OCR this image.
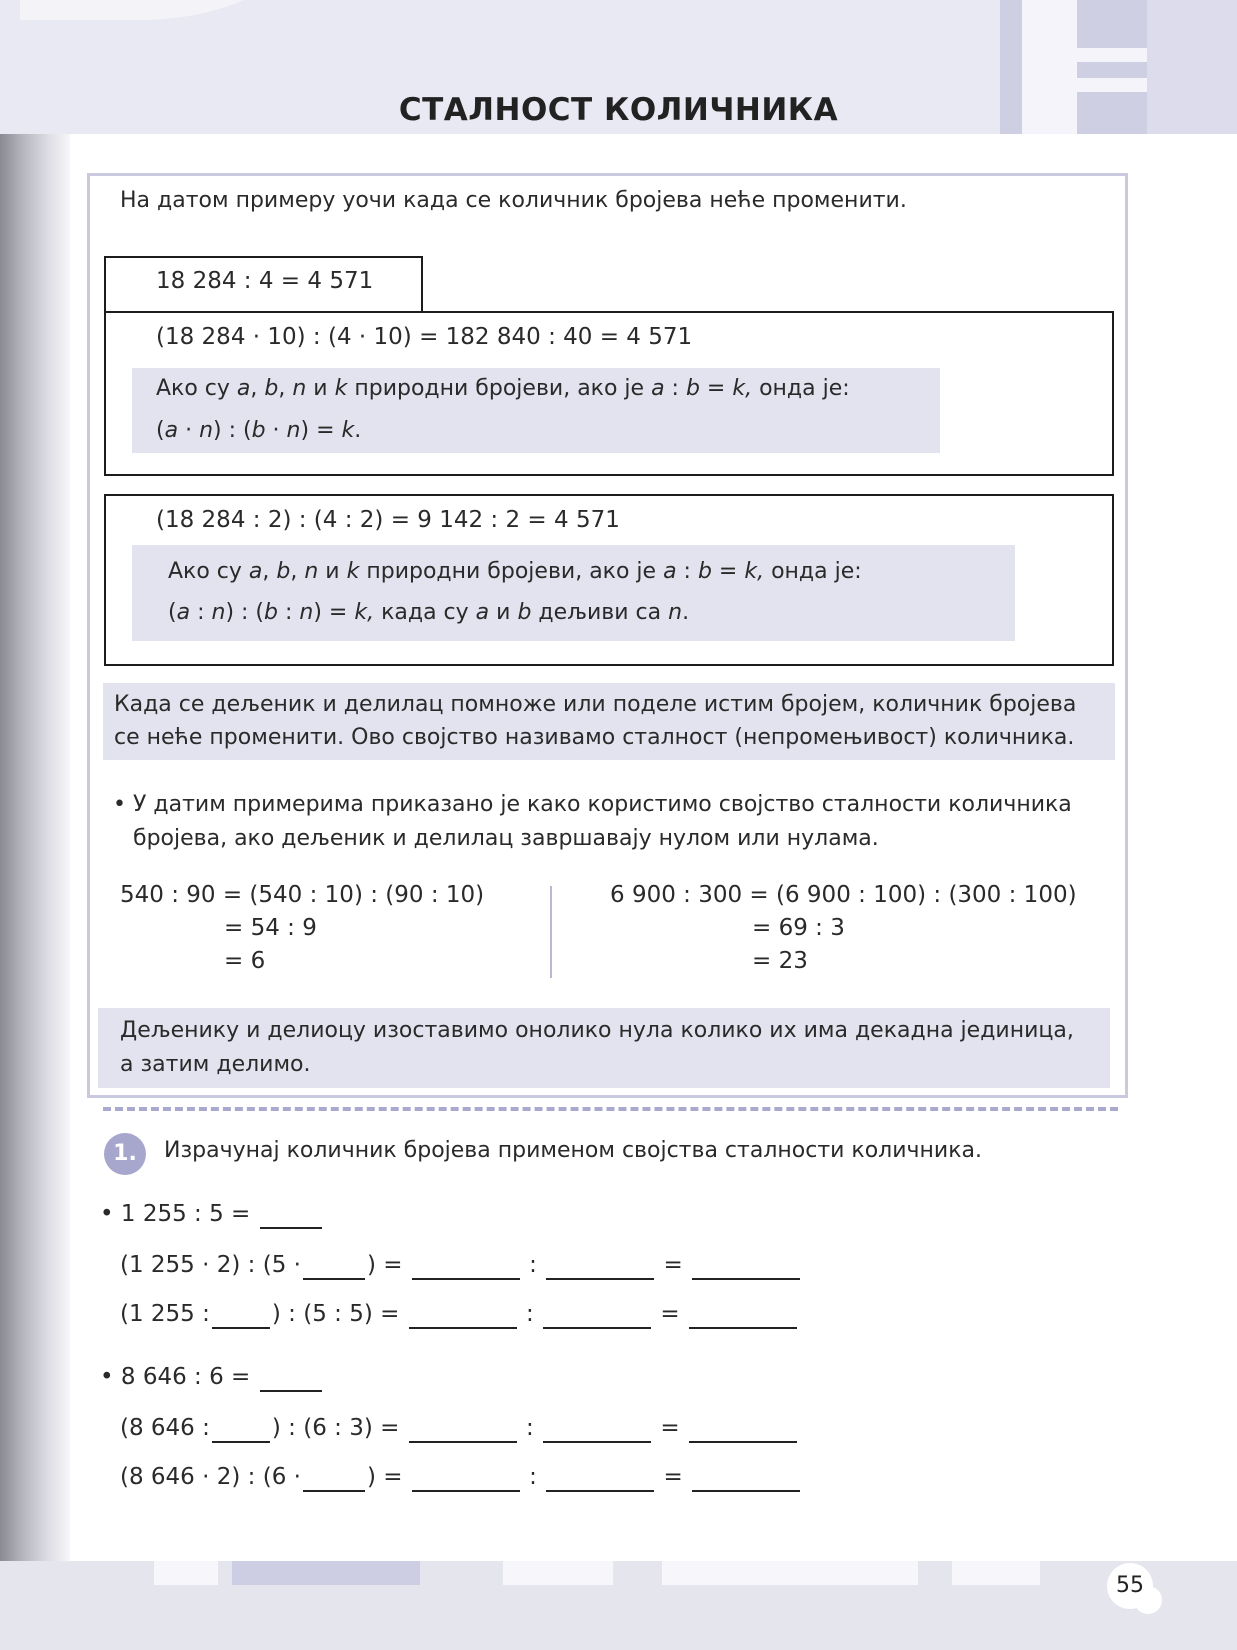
СТАЛНОСТ КОЛИЧНИКА
На датом примеру уочи када се количник бројева неће променити.
18 284 : 4 = 4 571
(18 284 · 10) : (4 · 10) = 182 840 : 40 = 4 571
Ако су a, b, n и k природни бројеви, ако је a : b = k, онда је:
(a · n) : (b · n) = k.
(18 284 : 2) : (4 : 2) = 9 142 : 2 = 4 571
Ако су a, b, n и k природни бројеви, ако је a : b = k, онда је:
(a : n) : (b : n) = k, када су a и b дељиви са n.
Када се дељеник и делилац помноже или поделе истим бројем, количник бројева
се неће променити. Ово својство називамо сталност (непромењивост) количника.
• У датим примерима приказано је како користимо својство сталности количника
бројева, ако дељеник и делилац завршавају нулом или нулама.
540 : 90 = (540 : 10) : (90 : 10)
= 54 : 9
= 6
6 900 : 300 = (6 900 : 100) : (300 : 100)
= 69 : 3
= 23
Дељенику и делиоцу изоставимо онолико нула колико их има декадна јединица,
а затим делимо.
1.	Израчунај количник бројева применом својства сталности количника.
• 1 255 : 5 =
(1 255 · 2) : (5 ·	) =	:	=
(1 255 :	) : (5 : 5) =	:	=
• 8 646 : 6 =
(8 646 :	) : (6 : 3) =	:	=
(8 646 · 2) : (6 ·	) =	:	=
55
